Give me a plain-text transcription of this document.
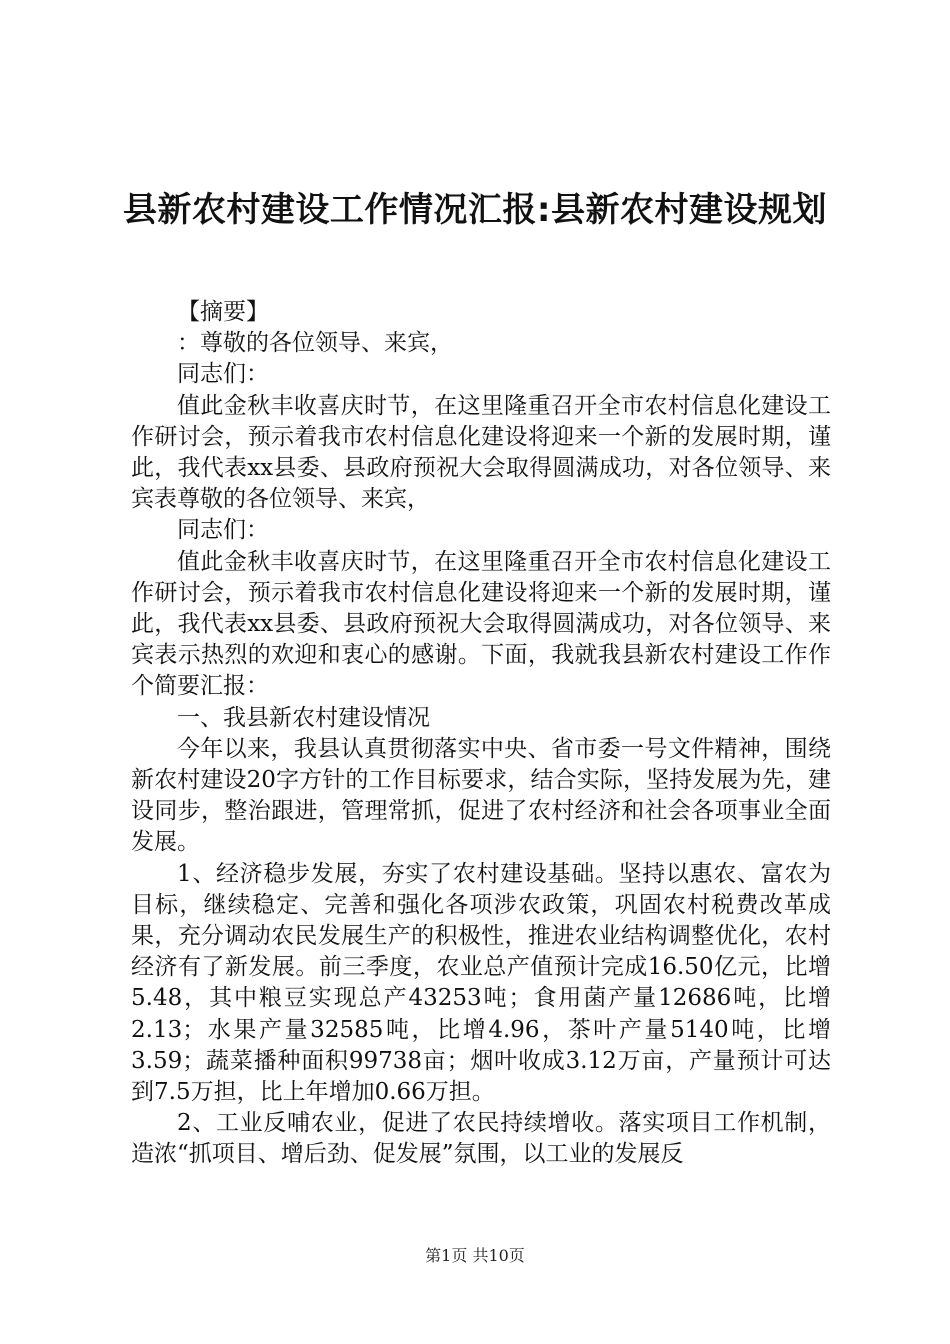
县新农村建设工作情况汇报:县新农村建设规划

【摘要】

：尊敬的各位领导、来宾，

同志们：

值此金秋丰收喜庆时节，在这里隆重召开全市农村信息化建设工作研讨会，预示着我市农村信息化建设将迎来一个新的发展时期，谨此，我代表xx县委、县政府预祝大会取得圆满成功，对各位领导、来宾表尊敬的各位领导、来宾，

同志们：

值此金秋丰收喜庆时节，在这里隆重召开全市农村信息化建设工作研讨会，预示着我市农村信息化建设将迎来一个新的发展时期，谨此，我代表xx县委、县政府预祝大会取得圆满成功，对各位领导、来宾表示热烈的欢迎和衷心的感谢。下面，我就我县新农村建设工作作个简要汇报：

一、我县新农村建设情况

今年以来，我县认真贯彻落实中央、省市委一号文件精神，围绕新农村建设20字方针的工作目标要求，结合实际，坚持发展为先，建设同步，整治跟进，管理常抓，促进了农村经济和社会各项事业全面发展。

1、经济稳步发展，夯实了农村建设基础。坚持以惠农、富农为目标，继续稳定、完善和强化各项涉农政策，巩固农村税费改革成果，充分调动农民发展生产的积极性，推进农业结构调整优化，农村经济有了新发展。前三季度，农业总产值预计完成16.50亿元，比增5.48，其中粮豆实现总产43253吨；食用菌产量12686吨，比增2.13；水果产量32585吨，比增4.96，茶叶产量5140吨，比增3.59；蔬菜播种面积99738亩；烟叶收成3.12万亩，产量预计可达到7.5万担，比上年增加0.66万担。

2、工业反哺农业，促进了农民持续增收。落实项目工作机制，造浓“抓项目、增后劲、促发展”氛围，以工业的发展反

第1页 共10页
